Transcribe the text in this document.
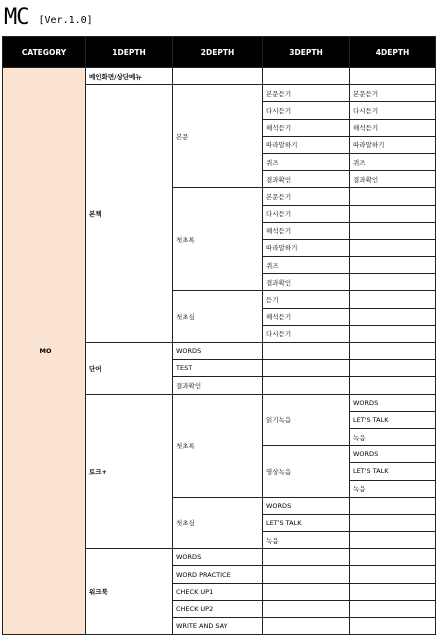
MC [Ver.1.0]
CATEGORY	1DEPTH	2DEPTH	3DEPTH	4DEPTH
MO	메인화면/상단메뉴			
	본책	본문	본문듣기	본문듣기
			다시듣기	다시듣기
			해석듣기	해석듣기
			따라말하기	따라말하기
			퀴즈	퀴즈
			결과확인	결과확인
		첫초록	본문듣기	
			다시듣기	
			해석듣기	
			따라말하기	
			퀴즈	
			결과확인	
		첫초심	듣기	
			해석듣기	
			다시듣기	
	단어	WORDS		
		TEST		
		결과확인		
	토크+	첫초록	읽기녹음	WORDS
				LET'S TALK
				녹음
			영상녹음	WORDS
				LET'S TALK
				녹음
		첫초심	WORDS	
			LET'S TALK	
			녹음	
	워크북	WORDS		
		WORD PRACTICE		
		CHECK UP1		
		CHECK UP2		
		WRITE AND SAY		
